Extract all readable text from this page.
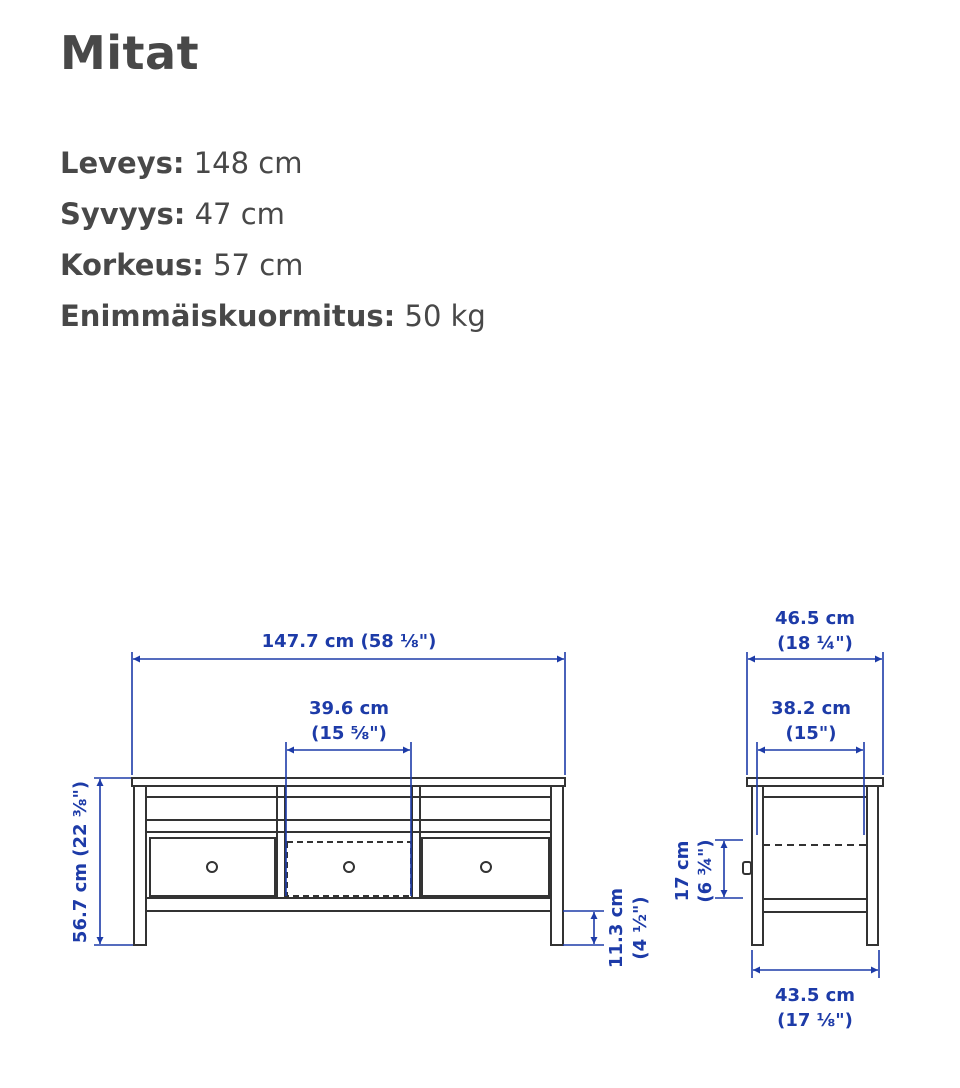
Mitat
Leveys: 148 cm
Syvyys: 47 cm
Korkeus: 57 cm
Enimmäiskuormitus: 50 kg
147.7 cm (58 ⅛")
39.6 cm
(15 ⅝")
56.7 cm (22 ⅜")	11.3 cm (4 ½")
46.5 cm
(18 ¼")
38.2 cm
(15")
17 cm (6 ¾")
43.5 cm
(17 ⅛")
